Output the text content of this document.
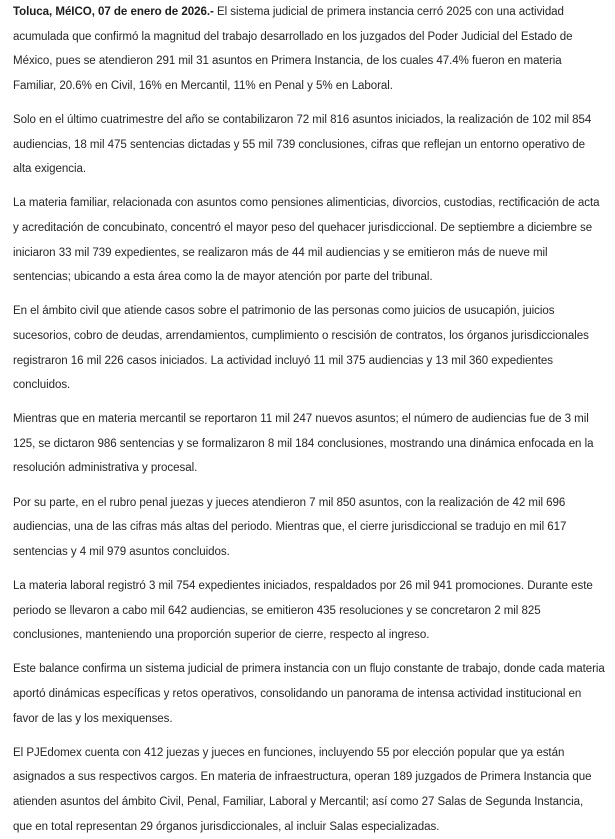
Toluca, MéICO, 07 de enero de 2026.- El sistema judicial de primera instancia cerró 2025 con una actividad acumulada que confirmó la magnitud del trabajo desarrollado en los juzgados del Poder Judicial del Estado de México, pues se atendieron 291 mil 31 asuntos en Primera Instancia, de los cuales 47.4% fueron en materia Familiar, 20.6% en Civil, 16% en Mercantil, 11% en Penal y 5% en Laboral.

Solo en el último cuatrimestre del año se contabilizaron 72 mil 816 asuntos iniciados, la realización de 102 mil 854 audiencias, 18 mil 475 sentencias dictadas y 55 mil 739 conclusiones, cifras que reflejan un entorno operativo de alta exigencia.

La materia familiar, relacionada con asuntos como pensiones alimenticias, divorcios, custodias, rectificación de acta y acreditación de concubinato, concentró el mayor peso del quehacer jurisdiccional. De septiembre a diciembre se iniciaron 33 mil 739 expedientes, se realizaron más de 44 mil audiencias y se emitieron más de nueve mil sentencias; ubicando a esta área como la de mayor atención por parte del tribunal.

En el ámbito civil que atiende casos sobre el patrimonio de las personas como juicios de usucapión, juicios sucesorios, cobro de deudas, arrendamientos, cumplimiento o rescisión de contratos, los órganos jurisdiccionales registraron 16 mil 226 casos iniciados. La actividad incluyó 11 mil 375 audiencias y 13 mil 360 expedientes concluidos.

Mientras que en materia mercantil se reportaron 11 mil 247 nuevos asuntos; el número de audiencias fue de 3 mil 125, se dictaron 986 sentencias y se formalizaron 8 mil 184 conclusiones, mostrando una dinámica enfocada en la resolución administrativa y procesal.

Por su parte, en el rubro penal juezas y jueces atendieron 7 mil 850 asuntos, con la realización de 42 mil 696 audiencias, una de las cifras más altas del periodo. Mientras que, el cierre jurisdiccional se tradujo en mil 617 sentencias y 4 mil 979 asuntos concluidos.

La materia laboral registró 3 mil 754 expedientes iniciados, respaldados por 26 mil 941 promociones. Durante este periodo se llevaron a cabo mil 642 audiencias, se emitieron 435 resoluciones y se concretaron 2 mil 825 conclusiones, manteniendo una proporción superior de cierre, respecto al ingreso.

Este balance confirma un sistema judicial de primera instancia con un flujo constante de trabajo, donde cada materia aportó dinámicas específicas y retos operativos, consolidando un panorama de intensa actividad institucional en favor de las y los mexiquenses.

El PJEdomex cuenta con 412 juezas y jueces en funciones, incluyendo 55 por elección popular que ya están asignados a sus respectivos cargos. En materia de infraestructura, operan 189 juzgados de Primera Instancia que atienden asuntos del ámbito Civil, Penal, Familiar, Laboral y Mercantil; así como 27 Salas de Segunda Instancia, que en total representan 29 órganos jurisdiccionales, al incluir Salas especializadas.
